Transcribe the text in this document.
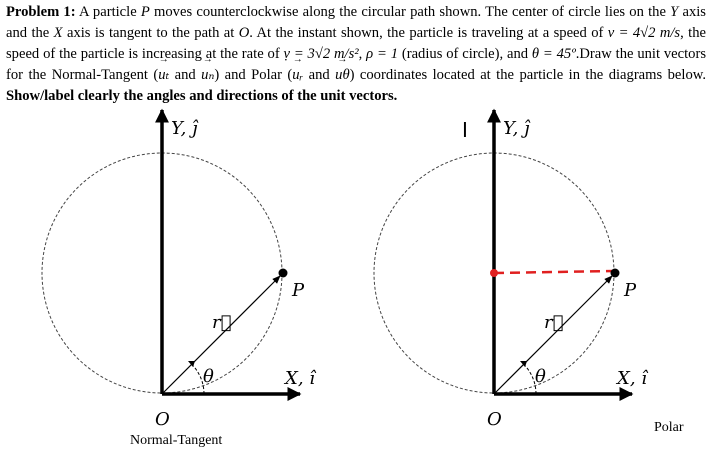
Problem 1: A particle P moves counterclockwise along the circular path shown. The center of circle lies on the Y axis and the X axis is tangent to the path at O. At the instant shown, the particle is traveling at a speed of v = 4√2 m/s, the speed of the particle is increasing at the rate of ṿ = 3√2 m/s², ρ = 1 (radius of circle), and θ = 45º.Draw the unit vectors for the Normal-Tangent (→ uₜ and → uₙ) and Polar (→ uᵣ and → uθ) coordinates located at the particle in the diagrams below. Show/label clearly the angles and directions of the unit vectors.
Y, ĵ
X, ı̂
O
P
r⃗
θ
Y, ĵ
X, ı̂
O
P
r⃗
θ
I
Normal-Tangent
Polar
